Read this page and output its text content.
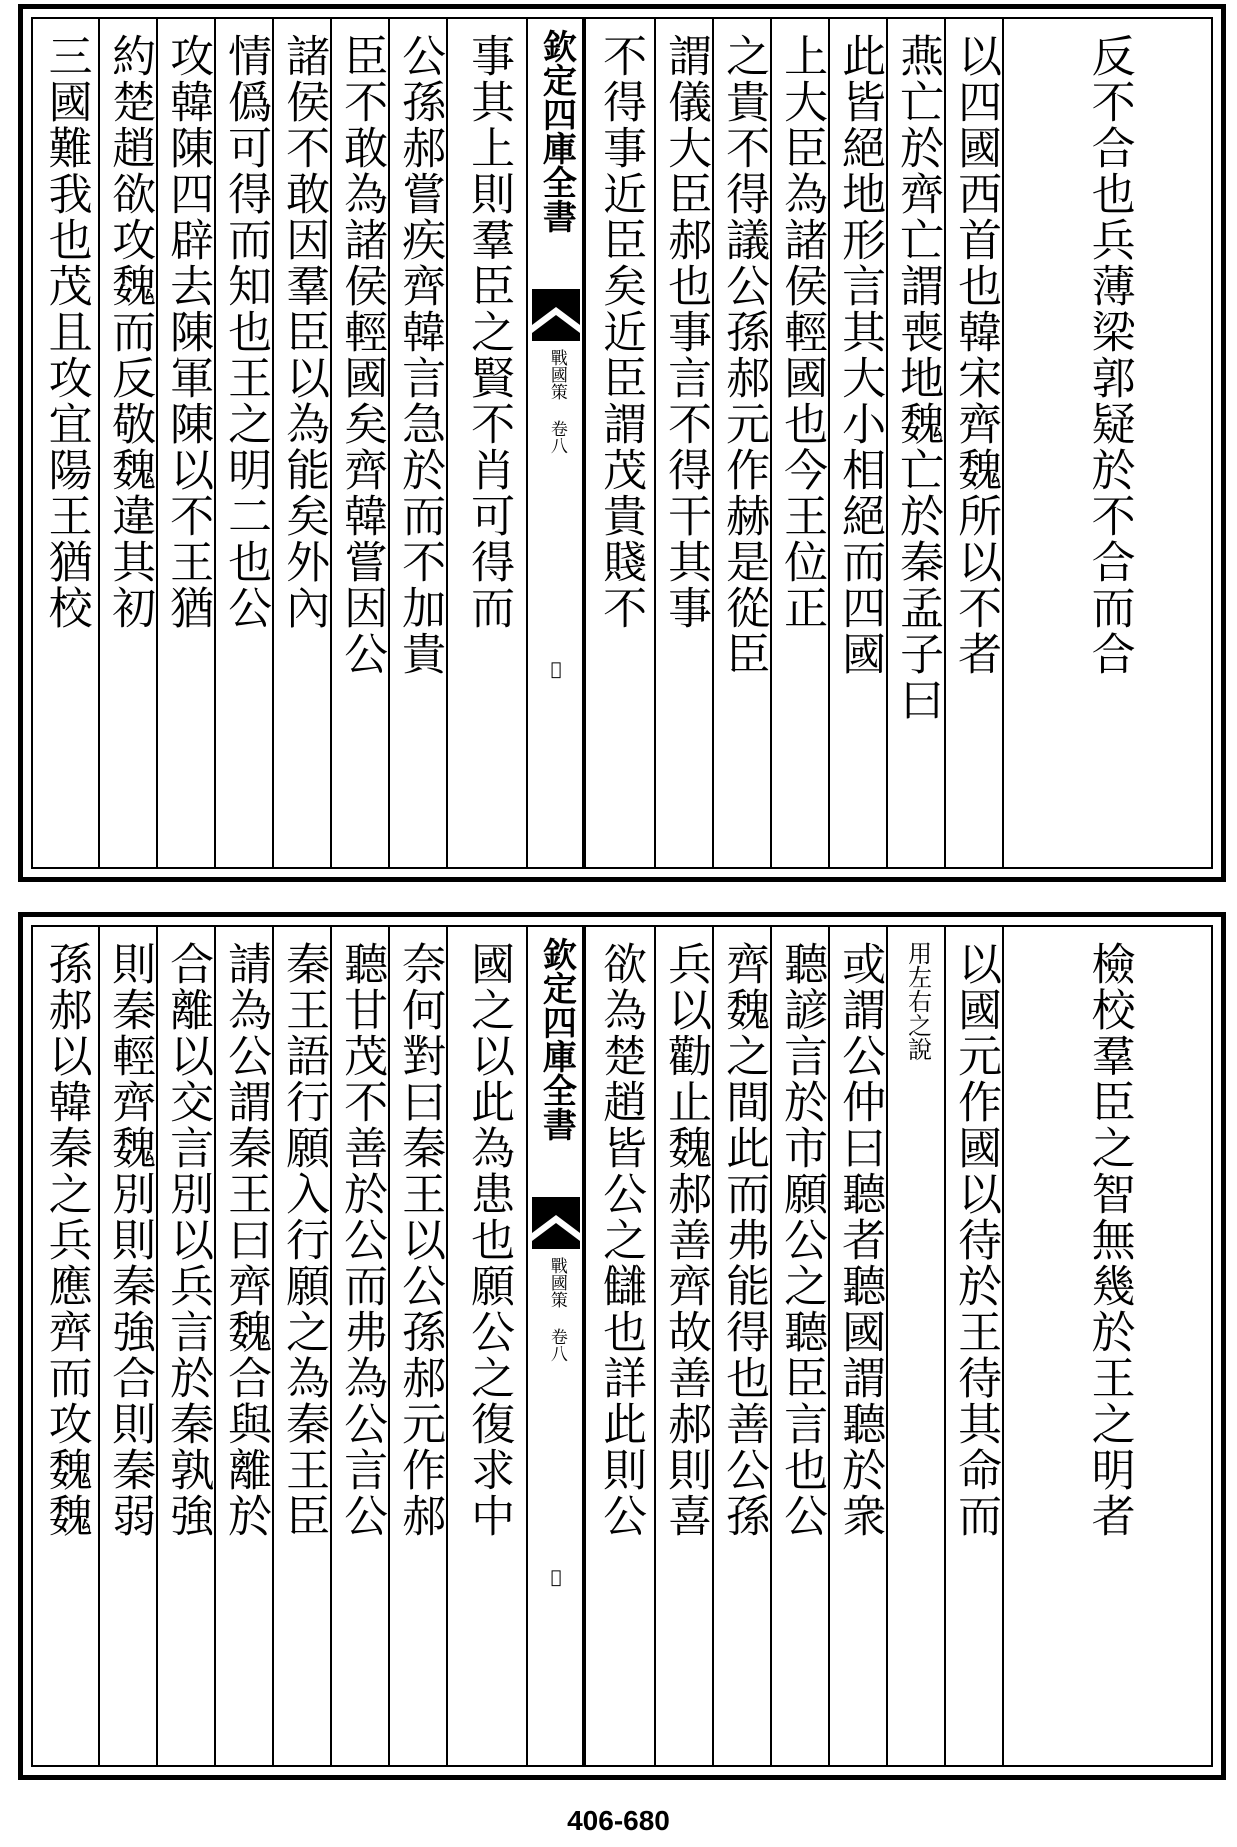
三國難我也茂且攻宜陽王猶校 約楚趙欲攻魏而反敬魏違其初 攻韓陳四辟去陳軍陳以不王猶 情僞可得而知也王之明二也公 諸侯不敢因羣臣以為能矣外內 臣不敢為諸侯輕國矣齊韓嘗因公 公孫郝嘗疾齊韓言急於而不加貴 事其上則羣臣之賢不肖可得而 欽定四庫全書
戰國策 卷八
𨳩
不得事近臣矣近臣謂茂貴賤不 謂儀大臣郝也事言不得干其事 之貴不得議公孫郝元作赫是從臣 上大臣為諸侯輕國也今王位正 此皆絕地形言其大小相絕而四國 燕亡於齊亡謂喪地魏亡於秦孟子曰 以四國西首也韓宋齊魏所以不者 反不合也兵薄梁郭疑於不合而合
孫郝以韓秦之兵應齊而攻魏魏 則秦輕齊魏別則秦強合則秦弱 合離以交言別以兵言於秦孰強 請為公謂秦王曰齊魏合與離於 秦王語行願入行願之為秦王臣 聽甘茂不善於公而弗為公言公 奈何對曰秦王以公孫郝元作郝 國之以此為患也願公之復求中 欽定四庫全書
戰國策 卷八
𨳩
欲為楚趙皆公之讎也詳此則公 兵以勸止魏郝善齊故善郝則喜 齊魏之間此而弗能得也善公孫 聽諺言於市願公之聽臣言也公 或謂公仲曰聽者聽國謂聽於衆 用左右之說 以國元作國以待於王待其命而 檢校羣臣之智無幾於王之明者
406-680
